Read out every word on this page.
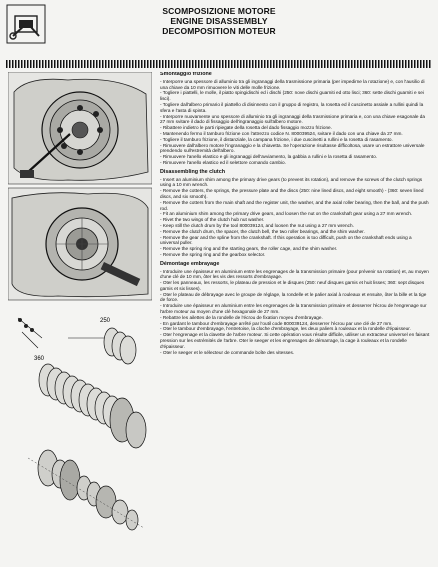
SCOMPOSIZIONE MOTORE
ENGINE DISASSEMBLY
DECOMPOSITION MOTEUR
250
360
Smontaggio frizione
- Interporre una spessore di alluminio tra gli ingranaggi della trasmissione primaria (per impedirne la rotazione) e, con l'ausilio di una chiave da 10 mm rimuovere le viti delle molle frizione.
- Togliere i piattelli, le molle, il piatto spingidischi ed i dischi (250: nove dischi guarniti ed otto lisci; 360: sette dischi guarniti e sei lisci).
- Togliere dall'albero primario il piattello di disinnesto con il gruppo di registro, la rosetta ed il cuscinetto assiale a rullini quindi la sfera e l'asta di spinta.
- Interporre nuovamente uno spessore di alluminio tra gli ingranaggi della trasmissione primaria e, con una chiave esagonale da 27 mm svitare il dado di fissaggio dell'ingranaggio sull'albero motore.
- Ribattere indietro le parti ripiegate della rosetta del dado fissaggio mozzo frizione.
- Mantenendo fermo il tamburo frizione con l'attrezzo codice N. 800039524, svitare il dado con una chiave da 27 mm.
- Togliere il tamburo frizione, il distanziale, la campana frizione, i due cuscinetti a rullini e la rosetta di rasamento.
- Rimuovere dall'albero motore l'ingranaggio e la chiavetta. Se l'operazione risultasse difficoltosa, usare un estrattore universale prendendo sull'estremità dell'albero.
- Rimuovere l'anello elastico e gli ingranaggi dell'avviamento, la gabbia a rullini e la rosetta di rasamento.
- Rimuovere l'anello elastico ed il selettore comando cambio.
Disassembling the clutch
- Insert an aluminium shim among the primary drive gears (to prevent its rotation), and remove the screws of the clutch springs using a 10 mm wrench.
- Remove the cotters, the springs, the pressure plate and the discs (250: nine lined discs, and eight smooth) - (360: seven lined discs, and six smooth).
- Remove the cotters from the main shaft and the register unit, the washer, and the axial roller bearing, then the ball, and the push rod.
- Fit an aluminium shim among the primary drive gears, and loosen the nut on the crankshaft gear using a 27 mm wrench.
- Rivet the two wings of the clutch hub nut washer.
- Keep still the clutch drum by the tool 800039124, and loosen the nut using a 27 mm wrench.
- Remove the clutch drum, the spacer, the clutch bell, the two roller bearings, and the shim washer.
- Remove the gear and the spline from the crankshaft. If this operation is too difficult, push on the crankshaft ends using a universal puller.
- Remove the spring ring and the starting gears, the roller cage, and the shim washer.
- Remove the spring ring and the gearbox selector.
Démontage embrayage
- Introduire une épaisseur en aluminium entre les engrenages de la transmission primaire (pour prévenir sa rotation) et, au moyen d'une clé de 10 mm, ôter les vis des ressorts d'embrayage.
- Oter les panneaux, les ressorts, le plateau de pression et le disques (250: neuf disques garnis et huit lisses; 360: sept disques garnis et six lisses).
- Oter le plateau de débrayage avec le groupe de réglage, la rondelle et le palier axial à rouleaux et ensuite, ôter la bille et la tige de force.
- Introduire une épaisseur en aluminium entre les engrenages de la transmission primaire et desserrer l'écrou de l'engrenage sur l'arbre moteur au moyen d'une clé hexagonale de 27 mm.
- Rebattre les ailettes de la rondelle de l'écrou de fixation moyeu d'embrayage.
- En gardant le tambour d'embrayage arrêté par l'outil code 800039124, desserrer l'écrou par une clé de 27 mm.
- Oter le tambour d'embrayage, l'entretoise, la cloche d'embrayage, les deux paliers à rouleaux et la rondelle d'épaisseur.
- Oter l'engrenage et la clavette de l'arbre moteur. Si cette opération vous résulte difficile, utiliser un extracteur universel en faisant pression sur les extrémités de l'arbre. Oter le seeger et les engrenages de démarrage, la cage à rouleaux et la rondelle d'épaisseur.
- Oter le seeger et le sélecteur de commande boîte des vitesses.
